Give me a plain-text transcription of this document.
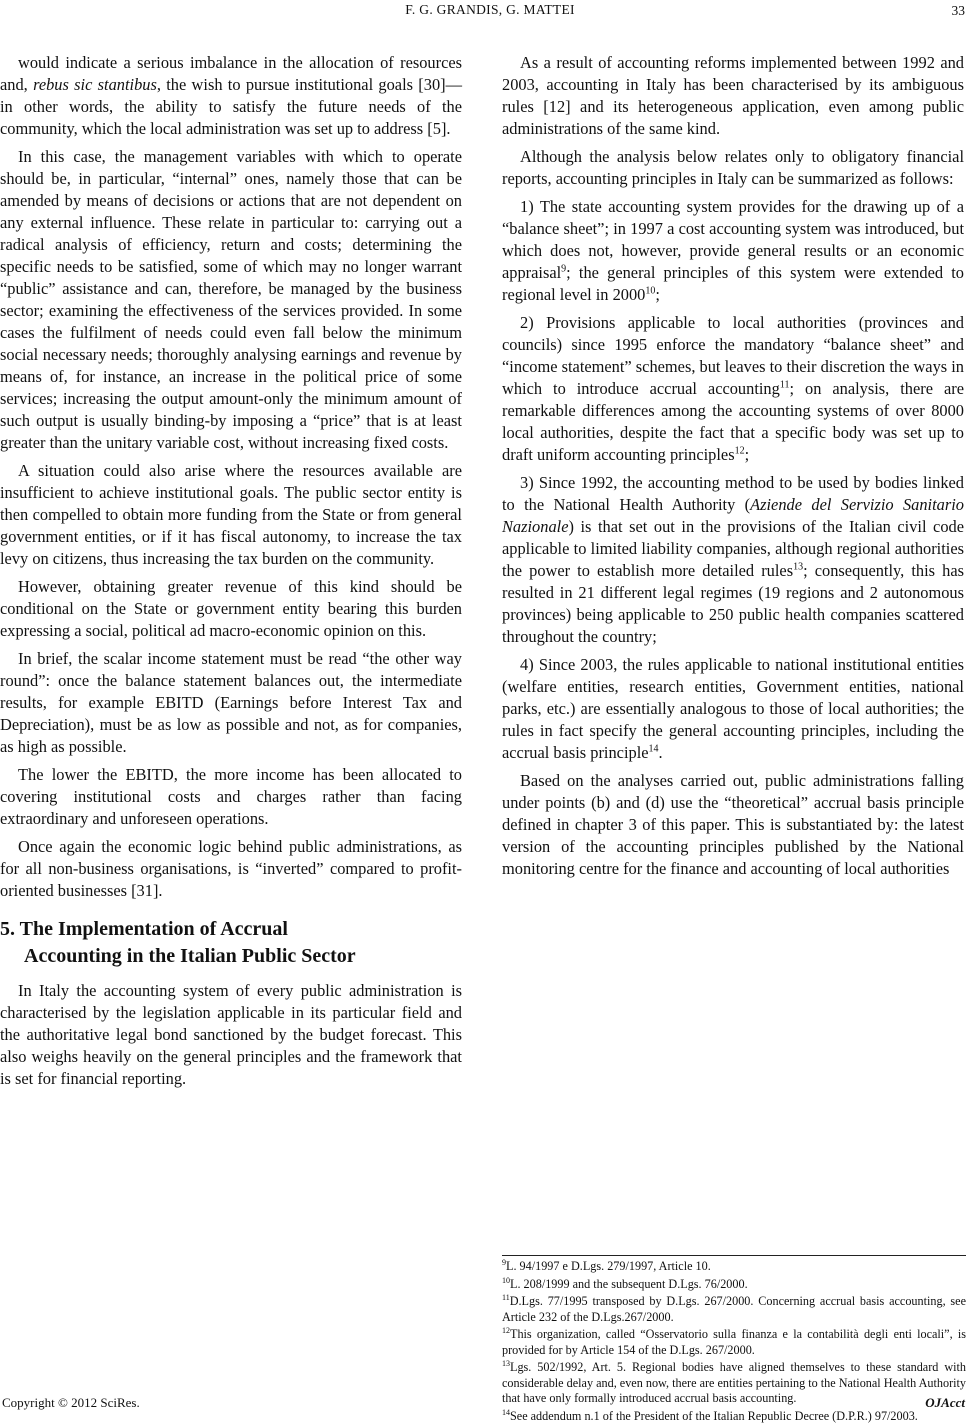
F. G. GRANDIS, G. MATTEI	33

would indicate a serious imbalance in the allocation of resources and, rebus sic stantibus, the wish to pursue institutional goals [30]—in other words, the ability to satisfy the future needs of the community, which the local administration was set up to address [5].

In this case, the management variables with which to operate should be, in particular, “internal” ones, namely those that can be amended by means of decisions or actions that are not dependent on any external influence. These relate in particular to: carrying out a radical analysis of efficiency, return and costs; determining the specific needs to be satisfied, some of which may no longer warrant “public” assistance and can, therefore, be managed by the business sector; examining the effectiveness of the services provided. In some cases the fulfilment of needs could even fall below the minimum social necessary needs; thoroughly analysing earnings and revenue by means of, for instance, an increase in the political price of some services; increasing the output amount-only the minimum amount of such output is usually binding-by imposing a “price” that is at least greater than the unitary variable cost, without increasing fixed costs.

A situation could also arise where the resources available are insufficient to achieve institutional goals. The public sector entity is then compelled to obtain more funding from the State or from general government entities, or if it has fiscal autonomy, to increase the tax levy on citizens, thus increasing the tax burden on the community.

However, obtaining greater revenue of this kind should be conditional on the State or government entity bearing this burden expressing a social, political ad macro-economic opinion on this.

In brief, the scalar income statement must be read “the other way round”: once the balance statement balances out, the intermediate results, for example EBITD (Earnings before Interest Tax and Depreciation), must be as low as possible and not, as for companies, as high as possible.

The lower the EBITD, the more income has been allocated to covering institutional costs and charges rather than facing extraordinary and unforeseen operations.

Once again the economic logic behind public administrations, as for all non-business organisations, is “inverted” compared to profit-oriented businesses [31].

5. The Implementation of Accrual
Accounting in the Italian Public Sector

In Italy the accounting system of every public administration is characterised by the legislation applicable in its particular field and the authoritative legal bond sanctioned by the budget forecast. This also weighs heavily on the general principles and the framework that is set for financial reporting.

As a result of accounting reforms implemented between 1992 and 2003, accounting in Italy has been characterised by its ambiguous rules [12] and its heterogeneous application, even among public administrations of the same kind.

Although the analysis below relates only to obligatory financial reports, accounting principles in Italy can be summarized as follows:

1) The state accounting system provides for the drawing up of a “balance sheet”; in 1997 a cost accounting system was introduced, but which does not, however, provide general results or an economic appraisal$^9$; the general principles of this system were extended to regional level in 2000$^{10}$;

2) Provisions applicable to local authorities (provinces and councils) since 1995 enforce the mandatory “balance sheet” and “income statement” schemes, but leaves to their discretion the ways in which to introduce accrual accounting$^{11}$; on analysis, there are remarkable differences among the accounting systems of over 8000 local authorities, despite the fact that a specific body was set up to draft uniform accounting principles$^{12}$;

3) Since 1992, the accounting method to be used by bodies linked to the National Health Authority (Aziende del Servizio Sanitario Nazionale) is that set out in the provisions of the Italian civil code applicable to limited liability companies, although regional authorities the power to establish more detailed rules$^{13}$; consequently, this has resulted in 21 different legal regimes (19 regions and 2 autonomous provinces) being applicable to 250 public health companies scattered throughout the country;

4) Since 2003, the rules applicable to national institutional entities (welfare entities, research entities, Government entities, national parks, etc.) are essentially analogous to those of local authorities; the rules in fact specify the general accounting principles, including the accrual basis principle$^{14}$.

Based on the analyses carried out, public administrations falling under points (b) and (d) use the “theoretical” accrual basis principle defined in chapter 3 of this paper. This is substantiated by: the latest version of the accounting principles published by the National monitoring centre for the finance and accounting of local authorities

$^9$L. 94/1997 e D.Lgs. 279/1997, Article 10.

$^{10}$L. 208/1999 and the subsequent D.Lgs. 76/2000.

$^{11}$D.Lgs. 77/1995 transposed by D.Lgs. 267/2000. Concerning accrual basis accounting, see Article 232 of the D.Lgs.267/2000.

$^{12}$This organization, called “Osservatorio sulla finanza e la contabilità degli enti locali”, is provided for by Article 154 of the D.Lgs. 267/2000.

$^{13}$Lgs. 502/1992, Art. 5. Regional bodies have aligned themselves to these standard with considerable delay and, even now, there are entities pertaining to the National Health Authority that have only formally introduced accrual basis accounting.

$^{14}$See addendum n.1 of the President of the Italian Republic Decree (D.P.R.) 97/2003.

Copyright © 2012 SciRes.	OJAcct
